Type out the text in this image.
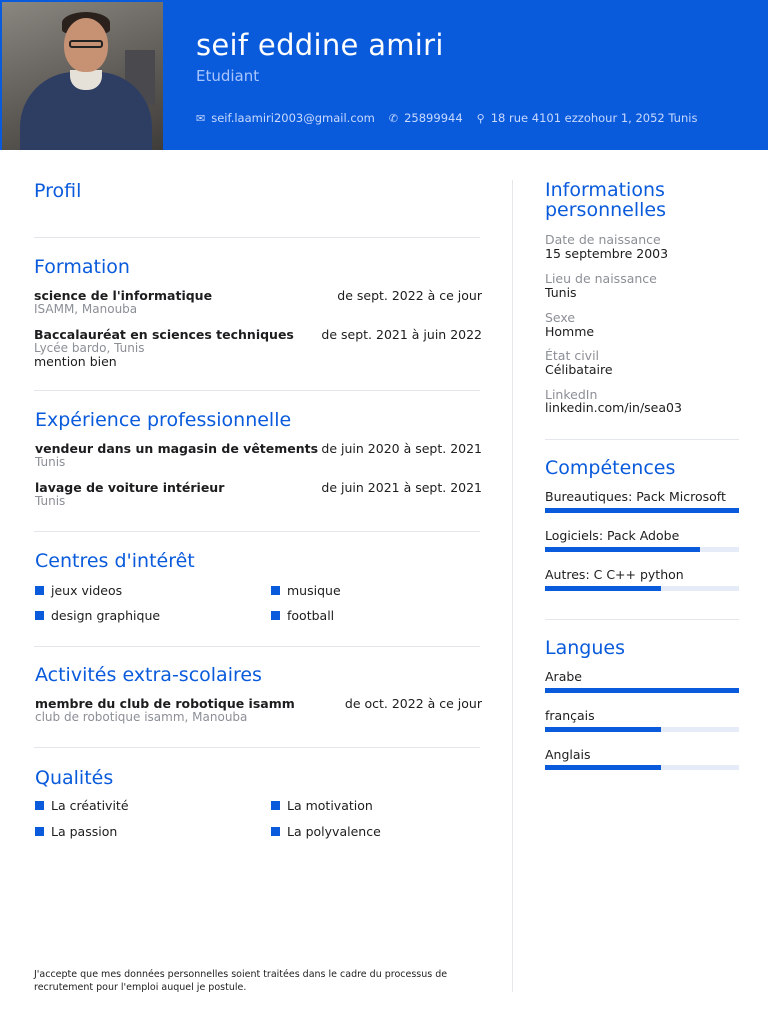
seif eddine amiri
Etudiant
✉ seif.laamiri2003@gmail.com ✆ 25899944 ⚲ 18 rue 4101 ezzohour 1, 2052 Tunis
Profil
Formation
science de l'informatique	de sept. 2022 à ce jour
ISAMM, Manouba
Baccalauréat en sciences techniques	de sept. 2021 à juin 2022
Lycée bardo, Tunis
mention bien
Expérience professionnelle
vendeur dans un magasin de vêtements de juin 2020 à sept. 2021
Tunis
lavage de voiture intérieur	de juin 2021 à sept. 2021
Tunis
Centres d'intérêt
jeux videos	musique
design graphique	football
Activités extra-scolaires
membre du club de robotique isamm	de oct. 2022 à ce jour
club de robotique isamm, Manouba
Qualités
La créativité	La motivation
La passion	La polyvalence
Informations personnelles
Date de naissance
15 septembre 2003
Lieu de naissance
Tunis
Sexe
Homme
État civil
Célibataire
LinkedIn
linkedin.com/in/sea03
Compétences
Bureautiques: Pack Microsoft
Logiciels: Pack Adobe
Autres: C C++ python
Langues
Arabe
français
Anglais
J'accepte que mes données personnelles soient traitées dans le cadre du processus de recrutement pour l'emploi auquel je postule.
